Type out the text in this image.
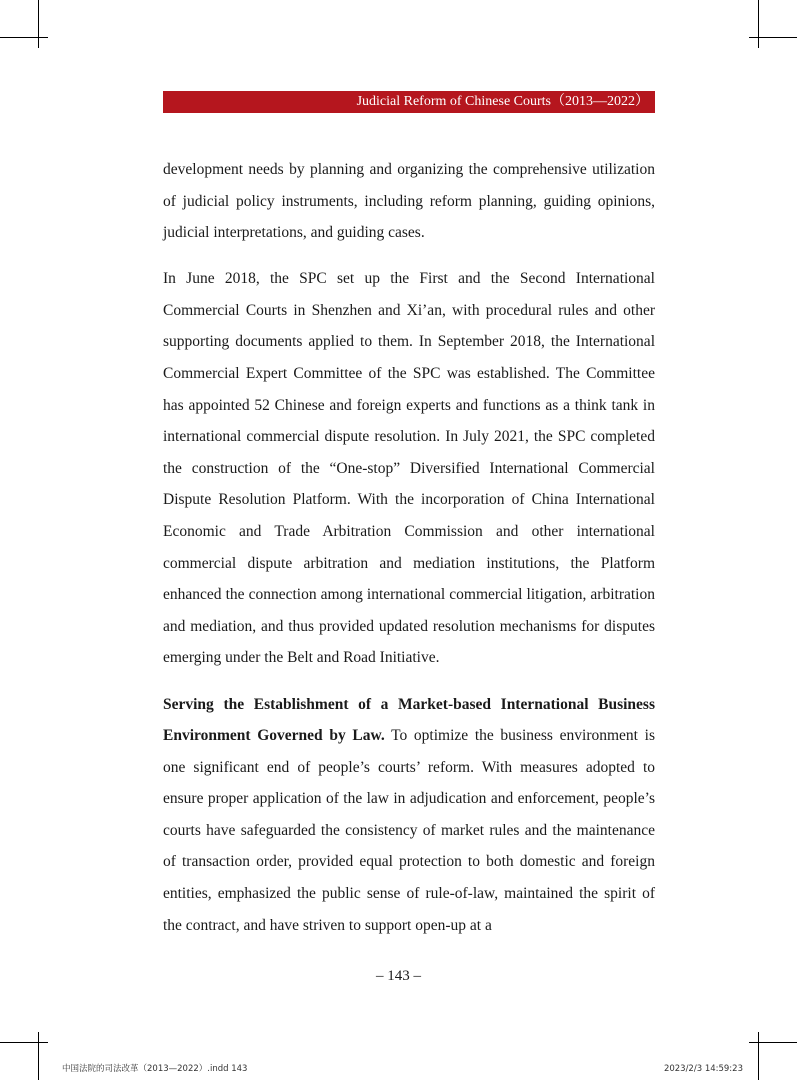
Judicial Reform of Chinese Courts（2013—2022）

development needs by planning and organizing the comprehensive utilization of judicial policy instruments, including reform planning, guiding opinions, judicial interpretations, and guiding cases.

In June 2018, the SPC set up the First and the Second International Commercial Courts in Shenzhen and Xi’an, with procedural rules and other supporting documents applied to them. In September 2018, the International Commercial Expert Committee of the SPC was established. The Committee has appointed 52 Chinese and foreign experts and functions as a think tank in international commercial dispute resolution. In July 2021, the SPC completed the construction of the “One-stop” Diversified International Commercial Dispute Resolution Platform. With the incorporation of China International Economic and Trade Arbitration Commission and other international commercial dispute arbitration and mediation institutions, the Platform enhanced the connection among international commercial litigation, arbitration and mediation, and thus provided updated resolution mechanisms for disputes emerging under the Belt and Road Initiative.

Serving the Establishment of a Market-based International Business Environment Governed by Law. To optimize the business environment is one significant end of people’s courts’ reform. With measures adopted to ensure proper application of the law in adjudication and enforcement, people’s courts have safeguarded the consistency of market rules and the maintenance of transaction order, provided equal protection to both domestic and foreign entities, emphasized the public sense of rule-of-law, maintained the spirit of the contract, and have striven to support open-up at a

– 143 –
中国法院的司法改革（2013—2022）.indd 143	2023/2/3 14:59:23
